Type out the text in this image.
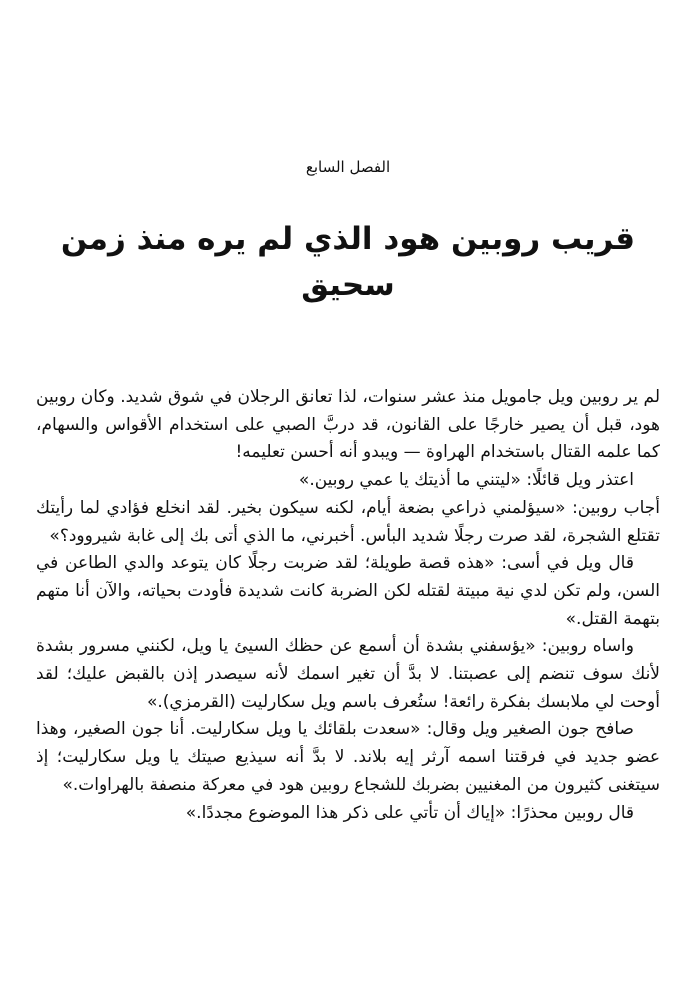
الفصل السابع
قريب روبين هود الذي لم يره منذ زمن سحيق

لم ير روبين ويل جامويل منذ عشر سنوات، لذا تعانق الرجلان في شوق شديد. وكان روبين هود، قبل أن يصير خارجًا على القانون، قد دربَّ الصبي على استخدام الأقواس والسهام، كما علمه القتال باستخدام الهراوة — ويبدو أنه أحسن تعليمه!

اعتذر ويل قائلًا: «ليتني ما أذيتك يا عمي روبين.»

أجاب روبين: «سيؤلمني ذراعي بضعة أيام، لكنه سيكون بخير. لقد انخلع فؤادي لما رأيتك تقتلع الشجرة، لقد صرت رجلًا شديد البأس. أخبرني، ما الذي أتى بك إلى غابة شيروود؟»

قال ويل في أسى: «هذه قصة طويلة؛ لقد ضربت رجلًا كان يتوعد والدي الطاعن في السن، ولم تكن لدي نية مبيتة لقتله لكن الضربة كانت شديدة فأودت بحياته، والآن أنا متهم بتهمة القتل.»

واساه روبين: «يؤسفني بشدة أن أسمع عن حظك السيئ يا ويل، لكنني مسرور بشدة لأنك سوف تنضم إلى عصبتنا. لا بدَّ أن تغير اسمك لأنه سيصدر إذن بالقبض عليك؛ لقد أوحت لي ملابسك بفكرة رائعة! ستُعرف باسم ويل سكارليت (القرمزي).»

صافح جون الصغير ويل وقال: «سعدت بلقائك يا ويل سكارليت. أنا جون الصغير، وهذا عضو جديد في فرقتنا اسمه آرثر إيه بلاند. لا بدَّ أنه سيذيع صيتك يا ويل سكارليت؛ إذ سيتغنى كثيرون من المغنيين بضربك للشجاع روبين هود في معركة منصفة بالهراوات.»

قال روبين محذرًا: «إياك أن تأتي على ذكر هذا الموضوع مجددًا.»
